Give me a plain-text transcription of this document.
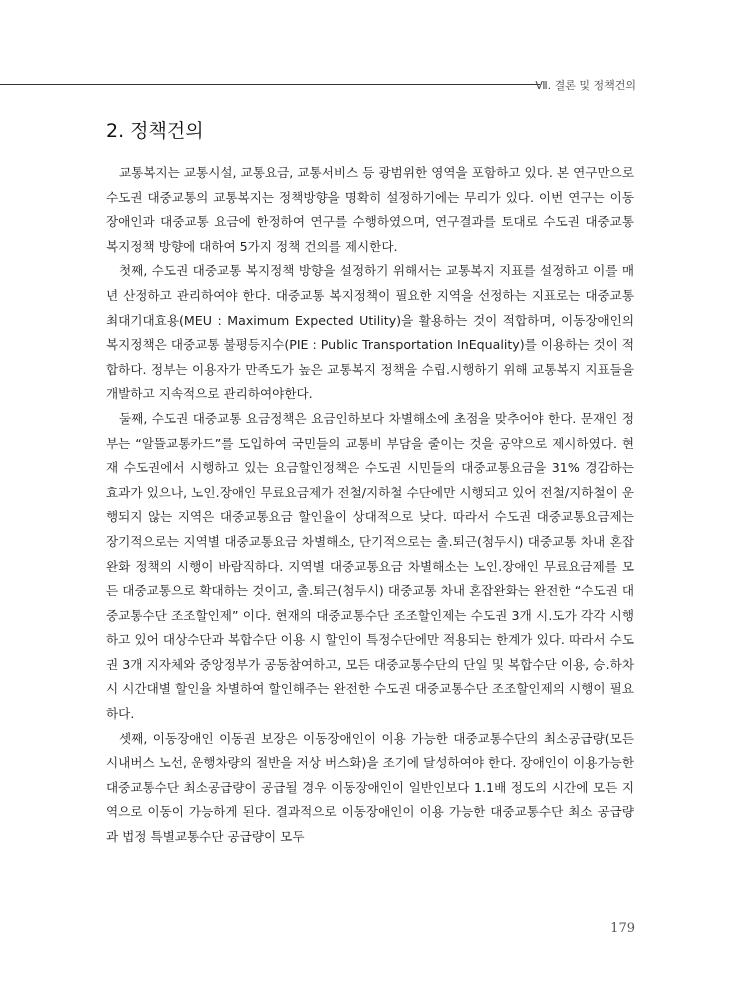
Ⅶ. 결론 및 정책건의
2. 정책건의

교통복지는 교통시설, 교통요금, 교통서비스 등 광범위한 영역을 포함하고 있다. 본 연구만으로 수도권 대중교통의 교통복지는 정책방향을 명확히 설정하기에는 무리가 있다. 이번 연구는 이동장애인과 대중교통 요금에 한정하여 연구를 수행하였으며, 연구결과를 토대로 수도권 대중교통 복지정책 방향에 대하여 5가지 정책 건의를 제시한다.

첫째, 수도권 대중교통 복지정책 방향을 설정하기 위해서는 교통복지 지표를 설정하고 이를 매년 산정하고 관리하여야 한다. 대중교통 복지정책이 필요한 지역을 선정하는 지표로는 대중교통 최대기대효용(MEU : Maximum Expected Utility)을 활용하는 것이 적합하며, 이동장애인의 복지정책은 대중교통 불평등지수(PIE : Public Transportation InEquality)를 이용하는 것이 적합하다. 정부는 이용자가 만족도가 높은 교통복지 정책을 수립․시행하기 위해 교통복지 지표들을 개발하고 지속적으로 관리하여야한다.

둘째, 수도권 대중교통 요금정책은 요금인하보다 차별해소에 초점을 맞추어야 한다. 문재인 정부는 “알뜰교통카드”를 도입하여 국민들의 교통비 부담을 줄이는 것을 공약으로 제시하였다. 현재 수도권에서 시행하고 있는 요금할인정책은 수도권 시민들의 대중교통요금을 31% 경감하는 효과가 있으나, 노인․장애인 무료요금제가 전철/지하철 수단에만 시행되고 있어 전철/지하철이 운행되지 않는 지역은 대중교통요금 할인율이 상대적으로 낮다. 따라서 수도권 대중교통요금제는 장기적으로는 지역별 대중교통요금 차별해소, 단기적으로는 출․퇴근(첨두시) 대중교통 차내 혼잡완화 정책의 시행이 바람직하다. 지역별 대중교통요금 차별해소는 노인․장애인 무료요금제를 모든 대중교통으로 확대하는 것이고, 출․퇴근(첨두시) 대중교통 차내 혼잡완화는 완전한 “수도권 대중교통수단 조조할인제” 이다. 현재의 대중교통수단 조조할인제는 수도권 3개 시․도가 각각 시행하고 있어 대상수단과 복합수단 이용 시 할인이 특정수단에만 적용되는 한계가 있다. 따라서 수도권 3개 지자체와 중앙정부가 공동참여하고, 모든 대중교통수단의 단일 및 복합수단 이용, 승․하차시 시간대별 할인율 차별하여 할인해주는 완전한 수도권 대중교통수단 조조할인제의 시행이 필요하다.

셋째, 이동장애인 이동권 보장은 이동장애인이 이용 가능한 대중교통수단의 최소공급량(모든 시내버스 노선, 운행차량의 절반을 저상 버스화)을 조기에 달성하여야 한다. 장애인이 이용가능한 대중교통수단 최소공급량이 공급될 경우 이동장애인이 일반인보다 1.1배 정도의 시간에 모든 지역으로 이동이 가능하게 된다. 결과적으로 이동장애인이 이용 가능한 대중교통수단 최소 공급량과 법정 특별교통수단 공급량이 모두

179
